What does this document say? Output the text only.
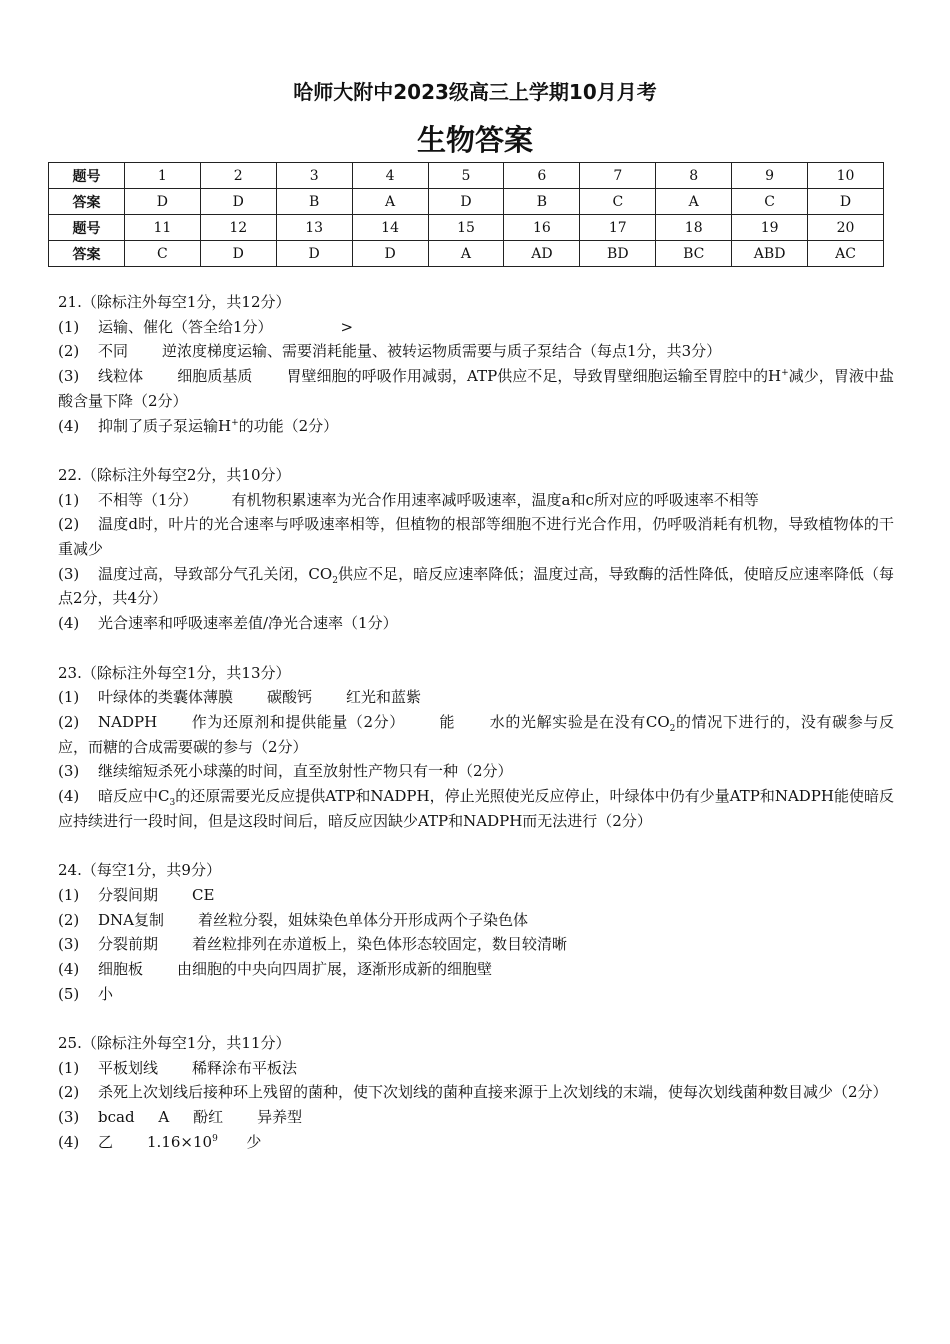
哈师大附中2023级高三上学期10月月考
生物答案
题号	1	2	3	4	5	6	7	8	9	10
答案	D	D	B	A	D	B	C	A	C	D
题号	11	12	13	14	15	16	17	18	19	20
答案	C	D	D	D	A	AD	BD	BC	ABD	AC
21.（除标注外每空1分，共12分）
(1) 运输、催化（答全给1分）	>
(2) 不同 逆浓度梯度运输、需要消耗能量、被转运物质需要与质子泵结合（每点1分，共3分）
(3) 线粒体 细胞质基质 胃壁细胞的呼吸作用减弱，ATP供应不足，导致胃壁细胞运输至胃腔中的H+减少，胃液中盐酸含量下降（2分）
(4) 抑制了质子泵运输H+的功能（2分）
22.（除标注外每空2分，共10分）
(1) 不相等（1分） 有机物积累速率为光合作用速率减呼吸速率，温度a和c所对应的呼吸速率不相等
(2) 温度d时，叶片的光合速率与呼吸速率相等，但植物的根部等细胞不进行光合作用，仍呼吸消耗有机物，导致植物体的干重减少
(3) 温度过高，导致部分气孔关闭，$CO_2$供应不足，暗反应速率降低；温度过高，导致酶的活性降低，使暗反应速率降低（每点2分，共4分）
(4) 光合速率和呼吸速率差值/净光合速率（1分）
23.（除标注外每空1分，共13分）
(1) 叶绿体的类囊体薄膜 碳酸钙 红光和蓝紫
(2) NADPH 作为还原剂和提供能量（2分） 能 水的光解实验是在没有$CO_2$的情况下进行的，没有碳参与反应，而糖的合成需要碳的参与（2分）
(3) 继续缩短杀死小球藻的时间，直至放射性产物只有一种（2分）
(4) 暗反应中$C_3$的还原需要光反应提供ATP和NADPH，停止光照使光反应停止，叶绿体中仍有少量ATP和NADPH能使暗反应持续进行一段时间，但是这段时间后，暗反应因缺少ATP和NADPH而无法进行（2分）
24.（每空1分，共9分）
(1) 分裂间期 CE
(2) DNA复制 着丝粒分裂，姐妹染色单体分开形成两个子染色体
(3) 分裂前期 着丝粒排列在赤道板上，染色体形态较固定，数目较清晰
(4) 细胞板 由细胞的中央向四周扩展，逐渐形成新的细胞壁
(5) 小
25.（除标注外每空1分，共11分）
(1) 平板划线 稀释涂布平板法
(2) 杀死上次划线后接种环上残留的菌种，使下次划线的菌种直接来源于上次划线的末端，使每次划线菌种数目减少（2分）
(3) bcad A 酚红 异养型
(4) 乙 $1.16\times 10^9$ 少
